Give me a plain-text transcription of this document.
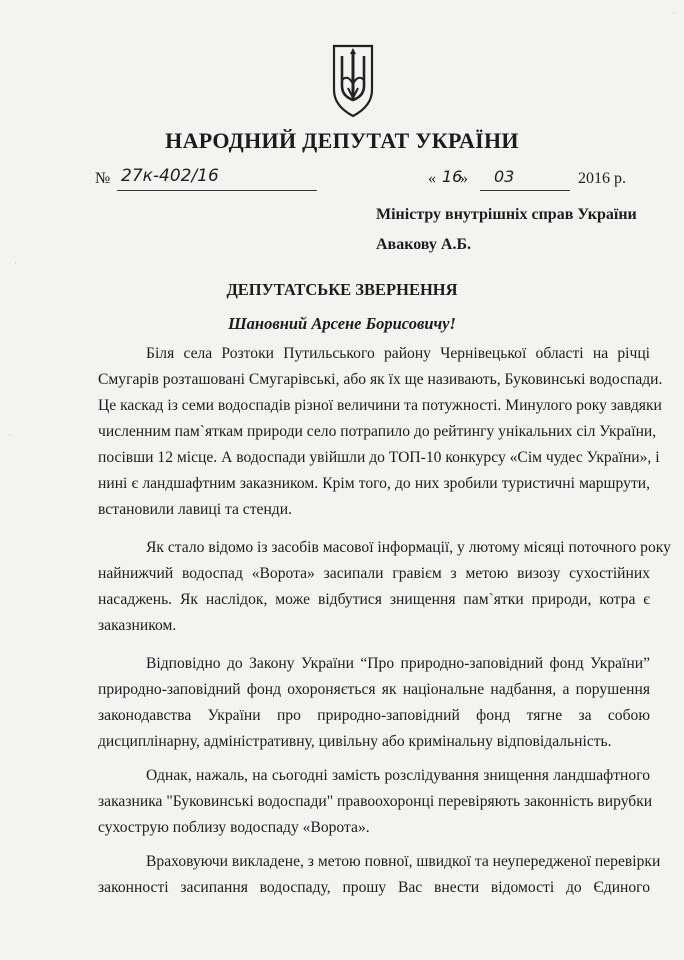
НАРОДНИЙ ДЕПУТАТ УКРАЇНИ
№ 27к-402/16	« 16
» 03	2016 р.
Міністру внутрішніх справ України
Авакову А.Б.
ДЕПУТАТСЬКЕ ЗВЕРНЕННЯ
Шановний Арсене Борисовичу!
Біля села Розтоки Путильського району Чернівецької області на річці
Смугарів розташовані Смугарівські, або як їх ще називають, Буковинські водоспади.
Це каскад із семи водоспадів різної величини та потужності. Минулого року завдяки
численним пам`яткам природи село потрапило до рейтингу унікальних сіл України,
посівши 12 місце. А водоспади увійшли до ТОП-10 конкурсу «Сім чудес України», і
нині є ландшафтним заказником. Крім того, до них зробили туристичні маршрути,
встановили лавиці та стенди.
Як стало відомо із засобів масової інформації, у лютому місяці поточного року
найнижчий водоспад «Ворота» засипали гравієм з метою визозу сухостійних
насаджень. Як наслідок, може відбутися знищення пам`ятки природи, котра є
заказником.
Відповідно до Закону України “Про природно-заповідний фонд України”
природно-заповідний фонд охороняється як національне надбання, а порушення
законодавства України про природно-заповідний фонд тягне за собою
дисциплінарну, адміністративну, цивільну або кримінальну відповідальність.
Однак, нажаль, на сьогодні замість розслідування знищення ландшафтного
заказника "Буковинські водоспади" правоохоронці перевіряють законність вирубки
сухострую поблизу водоспаду «Ворота».
Враховуючи викладене, з метою повної, швидкої та неупередженої перевірки
законності засипання водоспаду, прошу Вас внести відомості до Єдиного
·
·
·
